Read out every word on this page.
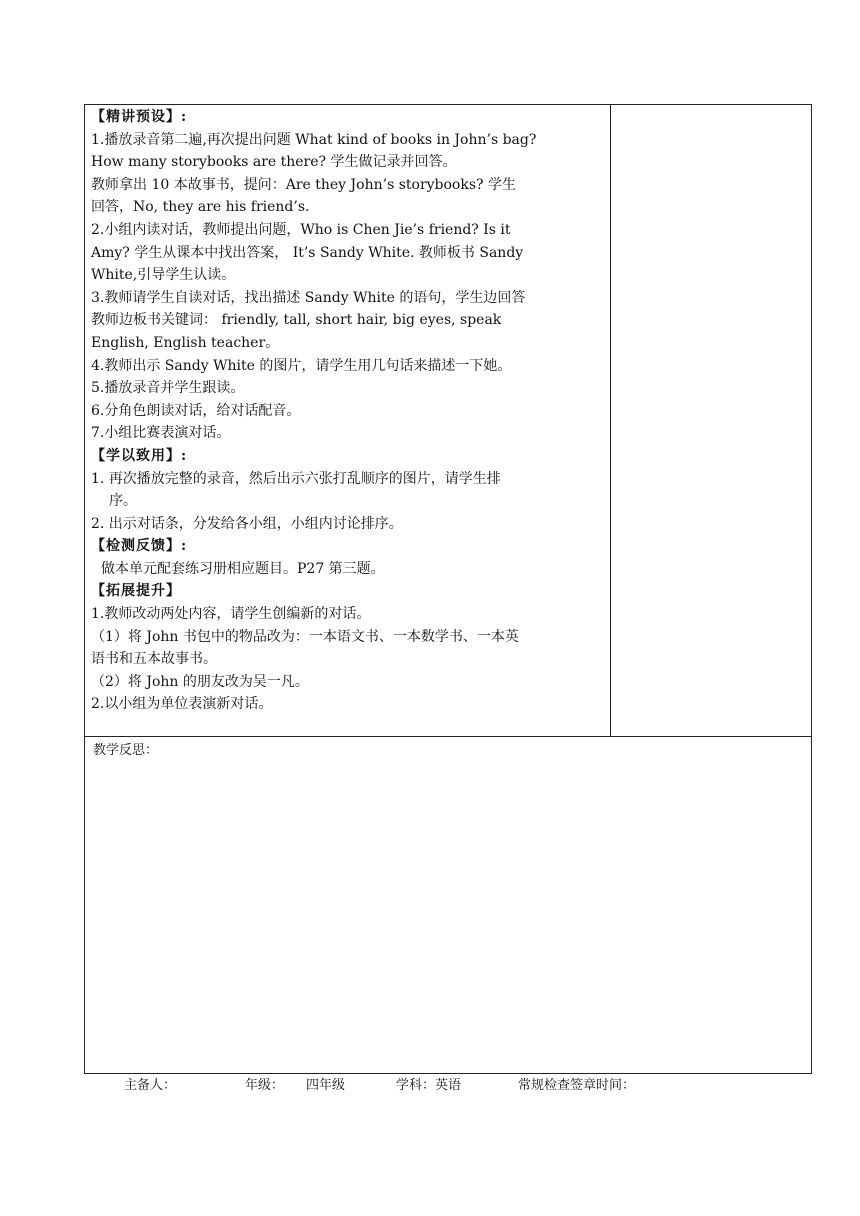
【精讲预设】:
1.播放录音第二遍,再次提出问题 What kind of books in John’s bag?
How many storybooks are there? 学生做记录并回答。
教师拿出 10 本故事书，提问：Are they John’s storybooks? 学生
回答，No, they are his friend’s.
2.小组内读对话，教师提出问题，Who is Chen Jie’s friend? Is it
Amy? 学生从课本中找出答案， It’s Sandy White. 教师板书 Sandy
White,引导学生认读。
3.教师请学生自读对话，找出描述 Sandy White 的语句，学生边回答
教师边板书关键词： friendly, tall, short hair, big eyes, speak
English, English teacher。
4.教师出示 Sandy White 的图片，请学生用几句话来描述一下她。
5.播放录音并学生跟读。
6.分角色朗读对话，给对话配音。
7.小组比赛表演对话。
【学以致用】:
1. 再次播放完整的录音，然后出示六张打乱顺序的图片，请学生排
序。
2. 出示对话条，分发给各小组，小组内讨论排序。
【检测反馈】:
做本单元配套练习册相应题目。P27 第三题。
【拓展提升】
1.教师改动两处内容，请学生创编新的对话。
（1）将 John 书包中的物品改为：一本语文书、一本数学书、一本英
语书和五本故事书。
（2）将 John 的朋友改为吴一凡。
2.以小组为单位表演新对话。
教学反思：
主备人：	年级： 四年级	学科：英语	常规检查签章时间：
